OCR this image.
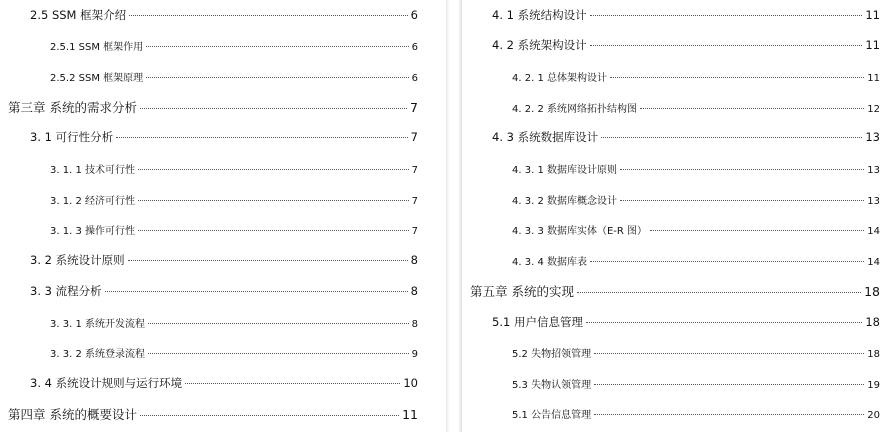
2.5 SSM 框架介绍	6
2.5.1 SSM 框架作用	6
2.5.2 SSM 框架原理	6
第三章 系统的需求分析	7
3. 1 可行性分析	7
3. 1. 1 技术可行性	7
3. 1. 2 经济可行性	7
3. 1. 3 操作可行性	7
3. 2 系统设计原则	8
3. 3 流程分析	8
3. 3. 1 系统开发流程	8
3. 3. 2 系统登录流程	9
3. 4 系统设计规则与运行环境	10
第四章 系统的概要设计	11
4. 1 系统结构设计	11
4. 2 系统架构设计	11
4. 2. 1 总体架构设计	11
4. 2. 2 系统网络拓扑结构图	12
4. 3 系统数据库设计	13
4. 3. 1 数据库设计原则	13
4. 3. 2 数据库概念设计	13
4. 3. 3 数据库实体（E-R 图）	14
4. 3. 4 数据库表	14
第五章 系统的实现	18
5.1 用户信息管理	18
5.2 失物招领管理	18
5.3 失物认领管理	19
5.1 公告信息管理	20
